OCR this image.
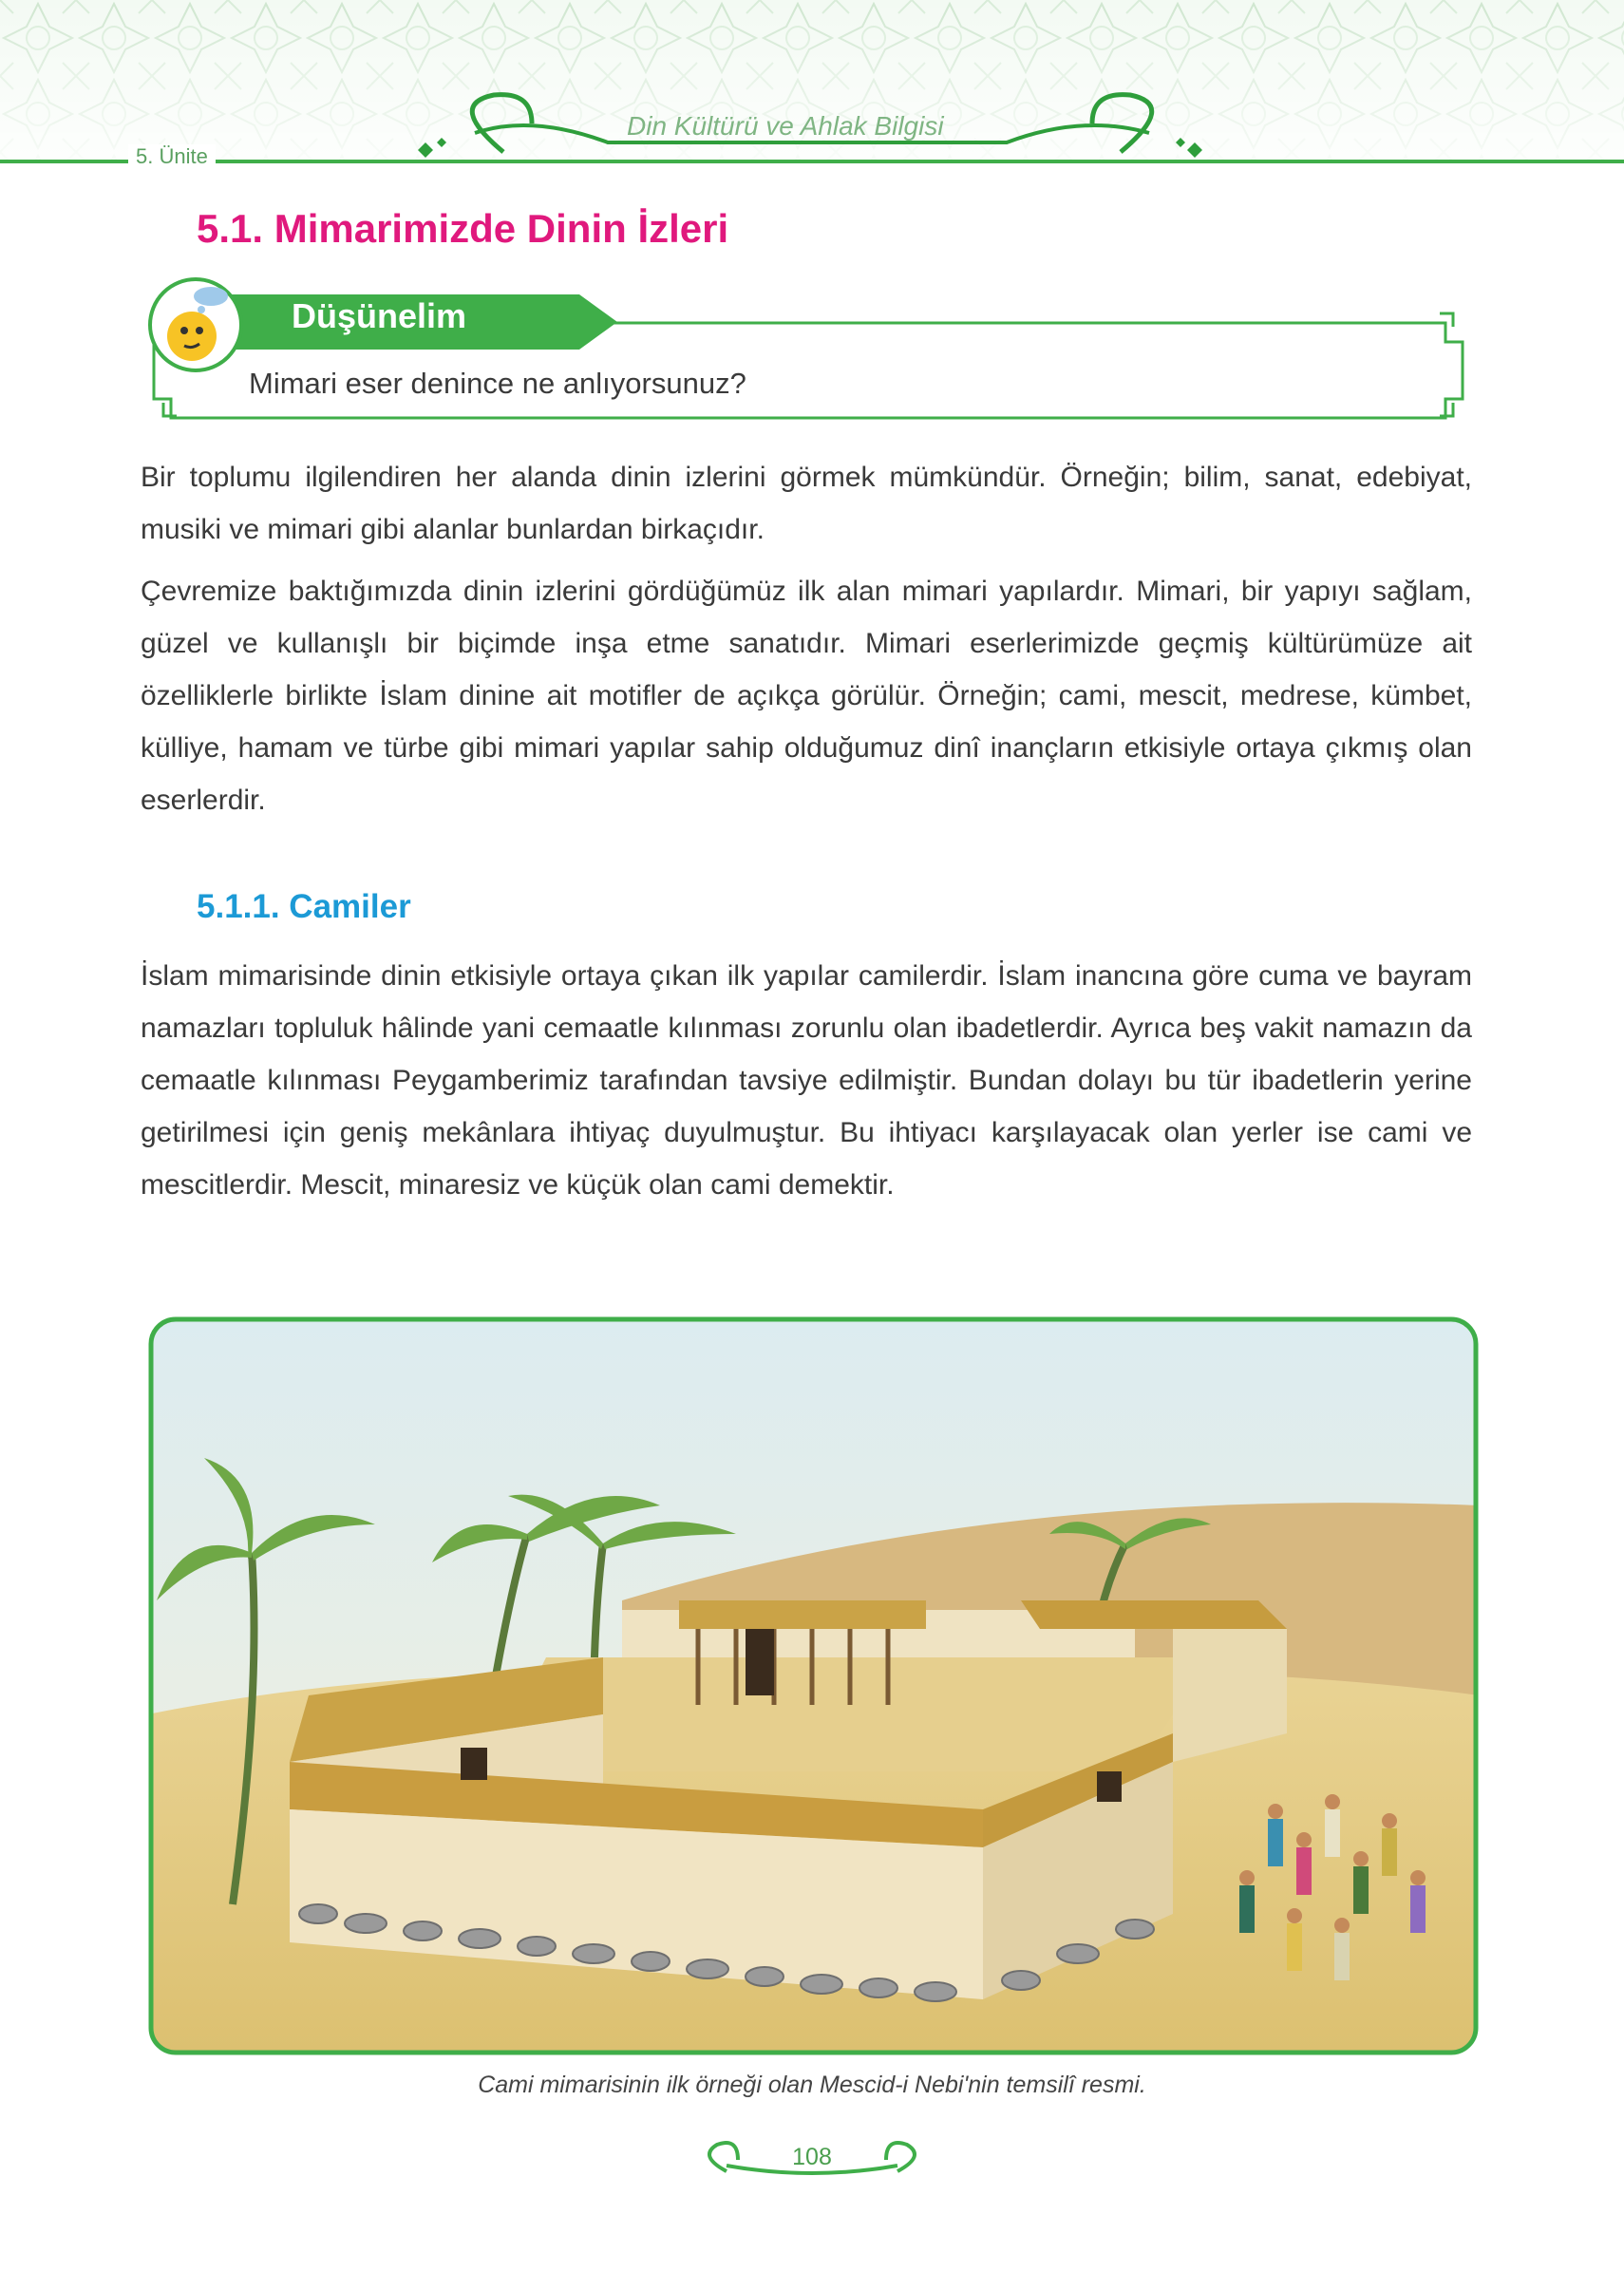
5. Ünite
Din Kültürü ve Ahlak Bilgisi
5.1. Mimarimizde Dinin İzleri
Düşünelim
Mimari eser denince ne anlıyorsunuz?

Bir toplumu ilgilendiren her alanda dinin izlerini görmek mümkündür. Örneğin; bilim, sanat, edebiyat, musiki ve mimari gibi alanlar bunlardan birkaçıdır.

Çevremize baktığımızda dinin izlerini gördüğümüz ilk alan mimari yapılardır. Mimari, bir yapıyı sağlam, güzel ve kullanışlı bir biçimde inşa etme sanatıdır. Mimari eserlerimizde geçmiş kültürümüze ait özelliklerle birlikte İslam dinine ait motifler de açıkça görülür. Örneğin; cami, mescit, medrese, kümbet, külliye, hamam ve türbe gibi mimari yapılar sahip olduğumuz dinî inançların etkisiyle ortaya çıkmış olan eserlerdir.

5.1.1. Camiler

İslam mimarisinde dinin etkisiyle ortaya çıkan ilk yapılar camilerdir. İslam inancına göre cuma ve bayram namazları topluluk hâlinde yani cemaatle kılınması zorunlu olan ibadetlerdir. Ayrıca beş vakit namazın da cemaatle kılınması Peygamberimiz tarafından tavsiye edilmiştir. Bundan dolayı bu tür ibadetlerin yerine getirilmesi için geniş mekânlara ihtiyaç duyulmuştur. Bu ihtiyacı karşılayacak olan yerler ise cami ve mescitlerdir. Mescit, minaresiz ve küçük olan cami demektir.

Cami mimarisinin ilk örneği olan Mescid-i Nebi'nin temsilî resmi.
108
